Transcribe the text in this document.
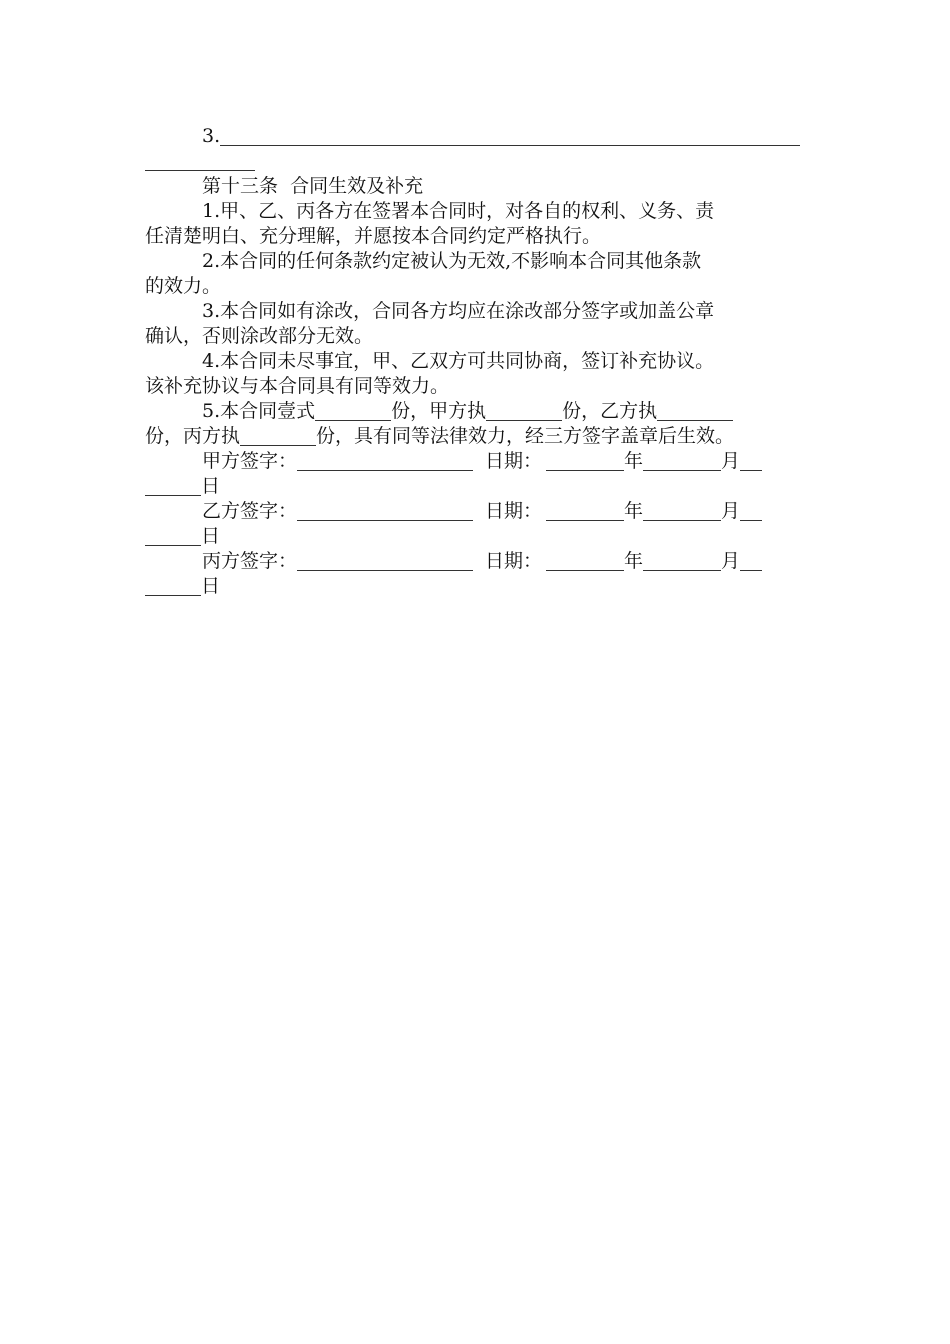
3.
第十三条  合同生效及补充
1.甲、乙、丙各方在签署本合同时，对各自的权利、义务、责
任清楚明白、充分理解，并愿按本合同约定严格执行。
2.本合同的任何条款约定被认为无效,不影响本合同其他条款
的效力。
3.本合同如有涂改，合同各方均应在涂改部分签字或加盖公章
确认，否则涂改部分无效。
4.本合同未尽事宜，甲、乙双方可共同协商，签订补充协议。
该补充协议与本合同具有同等效力。
5.本合同壹式	份，甲方执	份，乙方执
份，丙方执	份，具有同等法律效力，经三方签字盖章后生效。
甲方签字：	日期：	年	月
日
乙方签字：	日期：	年	月
日
丙方签字：	日期：	年	月
日
